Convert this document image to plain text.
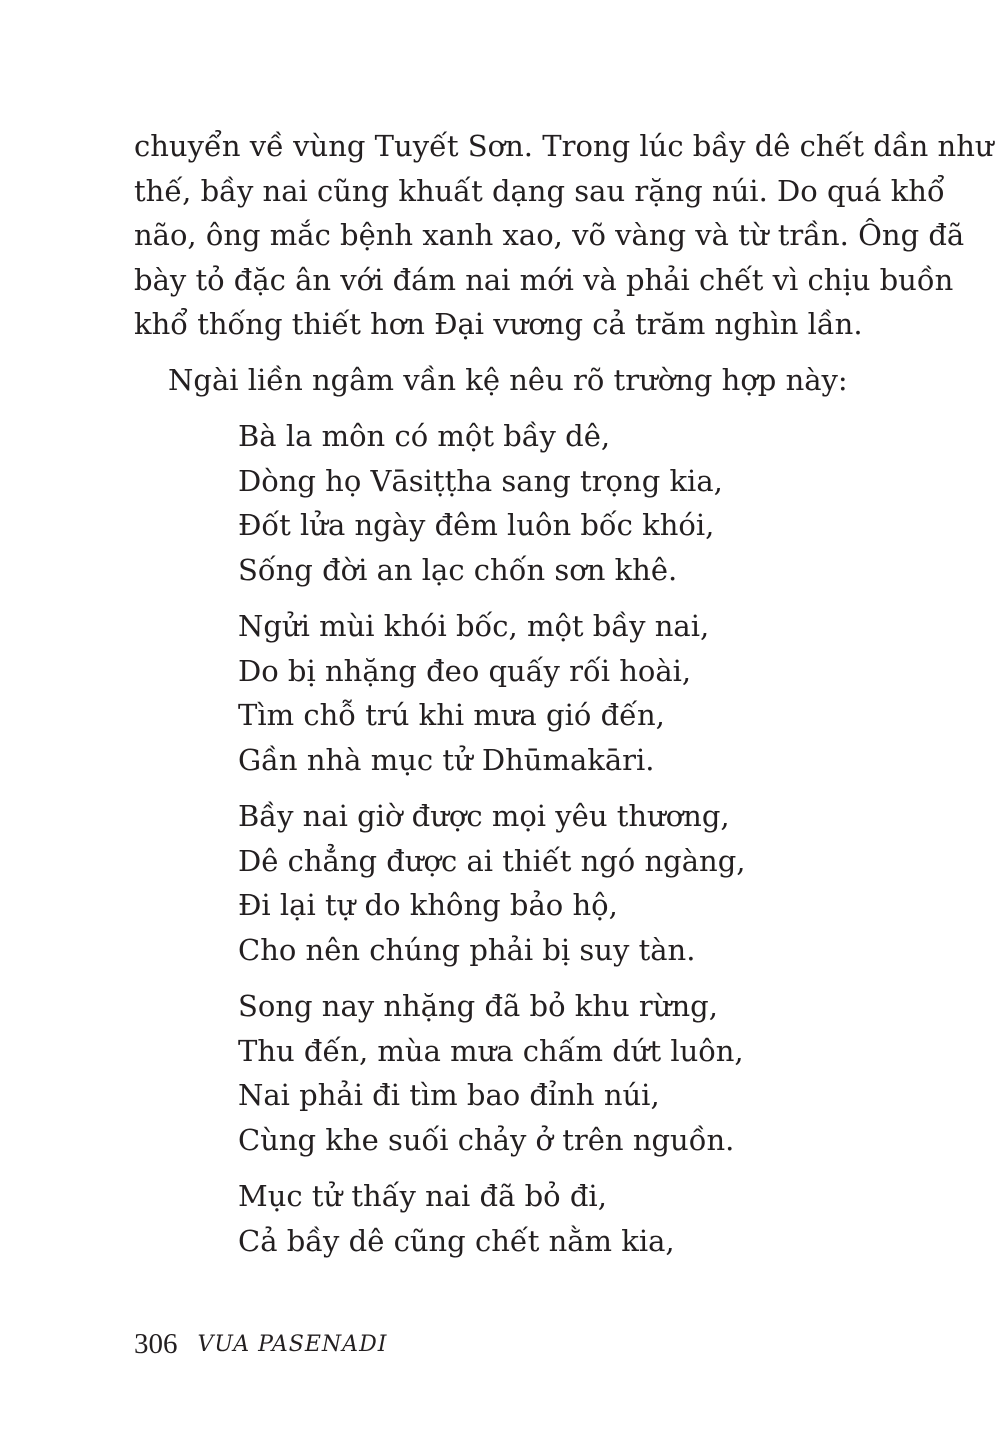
chuyển về vùng Tuyết Sơn. Trong lúc bầy dê chết dần như
thế, bầy nai cũng khuất dạng sau rặng núi. Do quá khổ
não, ông mắc bệnh xanh xao, võ vàng và từ trần. Ông đã
bày tỏ đặc ân với đám nai mới và phải chết vì chịu buồn
khổ thống thiết hơn Đại vương cả trăm nghìn lần.
Ngài liền ngâm vần kệ nêu rõ trường hợp này:
Bà la môn có một bầy dê,
Dòng họ Vāsiṭṭha sang trọng kia,
Đốt lửa ngày đêm luôn bốc khói,
Sống đời an lạc chốn sơn khê.
Ngửi mùi khói bốc, một bầy nai,
Do bị nhặng đeo quấy rối hoài,
Tìm chỗ trú khi mưa gió đến,
Gần nhà mục tử Dhūmakāri.
Bầy nai giờ được mọi yêu thương,
Dê chẳng được ai thiết ngó ngàng,
Đi lại tự do không bảo hộ,
Cho nên chúng phải bị suy tàn.
Song nay nhặng đã bỏ khu rừng,
Thu đến, mùa mưa chấm dứt luôn,
Nai phải đi tìm bao đỉnh núi,
Cùng khe suối chảy ở trên nguồn.
Mục tử thấy nai đã bỏ đi,
Cả bầy dê cũng chết nằm kia,
306 VUA PASENADI
